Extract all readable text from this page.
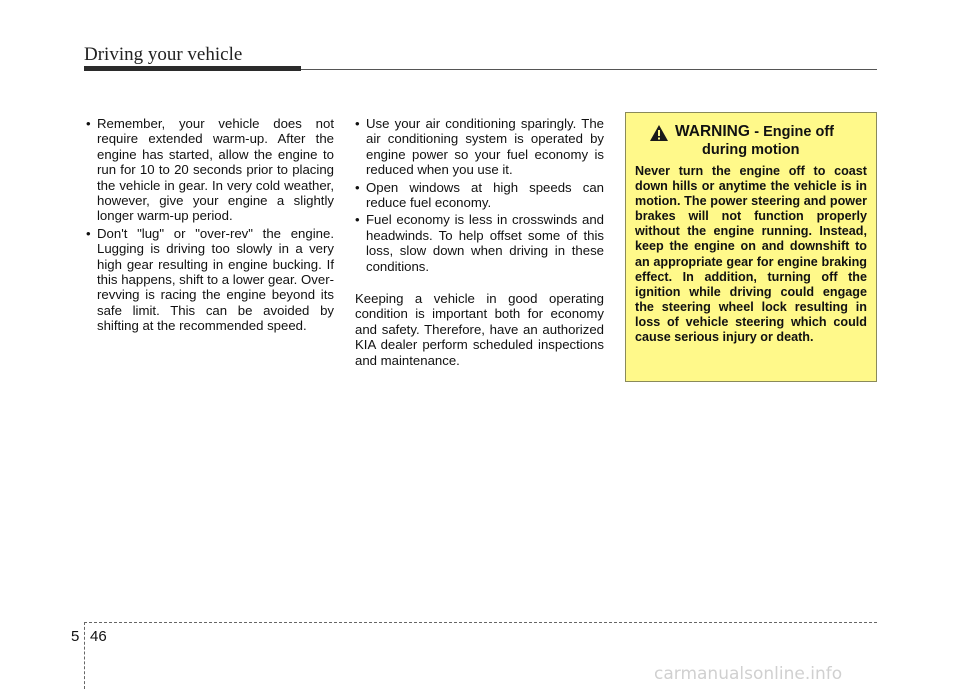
Driving your vehicle
• Remember, your vehicle does not require extended warm-up. After the engine has started, allow the engine to run for 10 to 20 seconds prior to placing the vehicle in gear. In very cold weather, however, give your engine a slightly longer warm-up period.
• Don't "lug" or "over-rev" the engine. Lugging is driving too slowly in a very high gear resulting in engine bucking. If this happens, shift to a lower gear. Over-revving is racing the engine beyond its safe limit. This can be avoided by shifting at the recommended speed.
• Use your air conditioning sparingly. The air conditioning system is operated by engine power so your fuel economy is reduced when you use it.
• Open windows at high speeds can reduce fuel economy.
• Fuel economy is less in crosswinds and headwinds. To help offset some of this loss, slow down when driving in these conditions.

Keeping a vehicle in good operating condition is important both for economy and safety. Therefore, have an authorized KIA dealer perform scheduled inspections and maintenance.

WARNING - Engine off
during motion
Never turn the engine off to coast down hills or anytime the vehicle is in motion. The power steering and power brakes will not function properly without the engine running. Instead, keep the engine on and downshift to an appropriate gear for engine braking effect. In addition, turning off the ignition while driving could engage the steering wheel lock resulting in loss of vehicle steering which could cause serious injury or death.
5 46
carmanualsonline.info
